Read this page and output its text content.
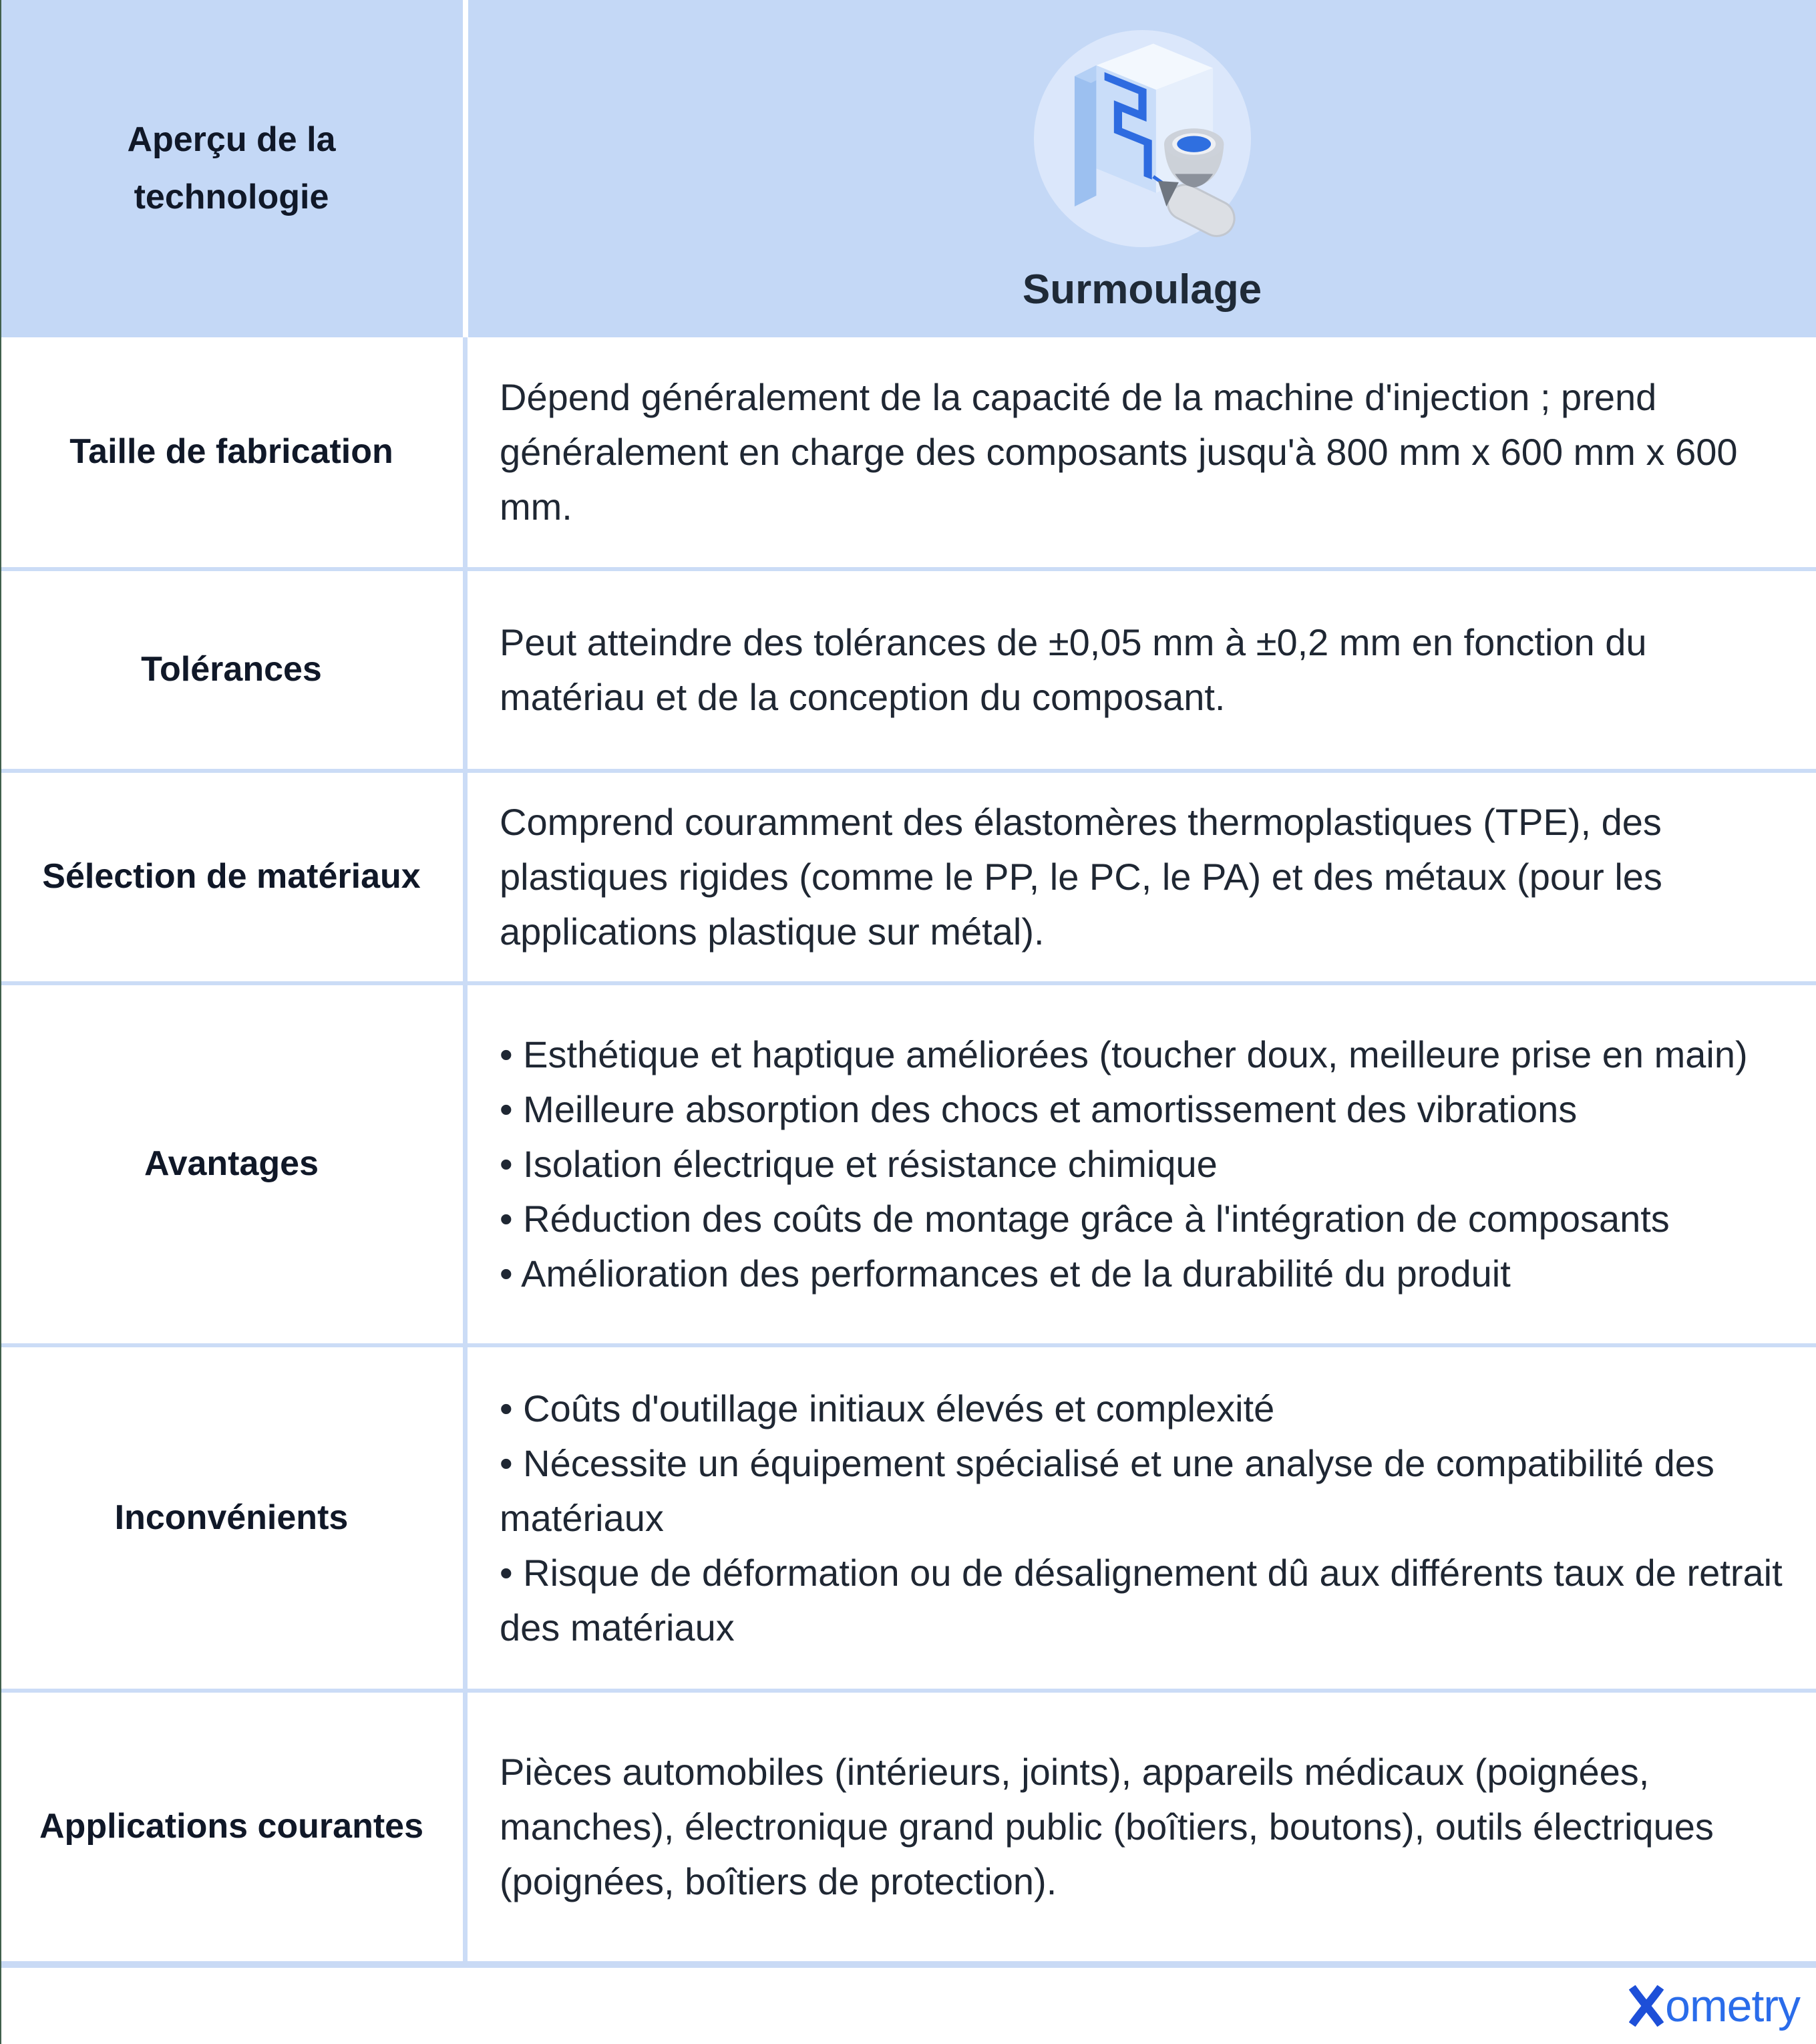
Aperçu de la technologie
Surmoulage
Taille de fabrication

Dépend généralement de la capacité de la machine d'injection ; prend généralement en charge des composants jusqu'à 800 mm x 600 mm x 600 mm.

Tolérances

Peut atteindre des tolérances de ±0,05 mm à ±0,2 mm en fonction du matériau et de la conception du composant.

Sélection de matériaux

Comprend couramment des élastomères thermoplastiques (TPE), des plastiques rigides (comme le PP, le PC, le PA) et des métaux (pour les applications plastique sur métal).

Avantages
• Esthétique et haptique améliorées (toucher doux, meilleure prise en main)
• Meilleure absorption des chocs et amortissement des vibrations
• Isolation électrique et résistance chimique
• Réduction des coûts de montage grâce à l'intégration de composants
• Amélioration des performances et de la durabilité du produit
Inconvénients
• Coûts d'outillage initiaux élevés et complexité
• Nécessite un équipement spécialisé et une analyse de compatibilité des matériaux
• Risque de déformation ou de désalignement dû aux différents taux de retrait des matériaux
Applications courantes

Pièces automobiles (intérieurs, joints), appareils médicaux (poignées, manches), électronique grand public (boîtiers, boutons), outils électriques (poignées, boîtiers de protection).

ometry
